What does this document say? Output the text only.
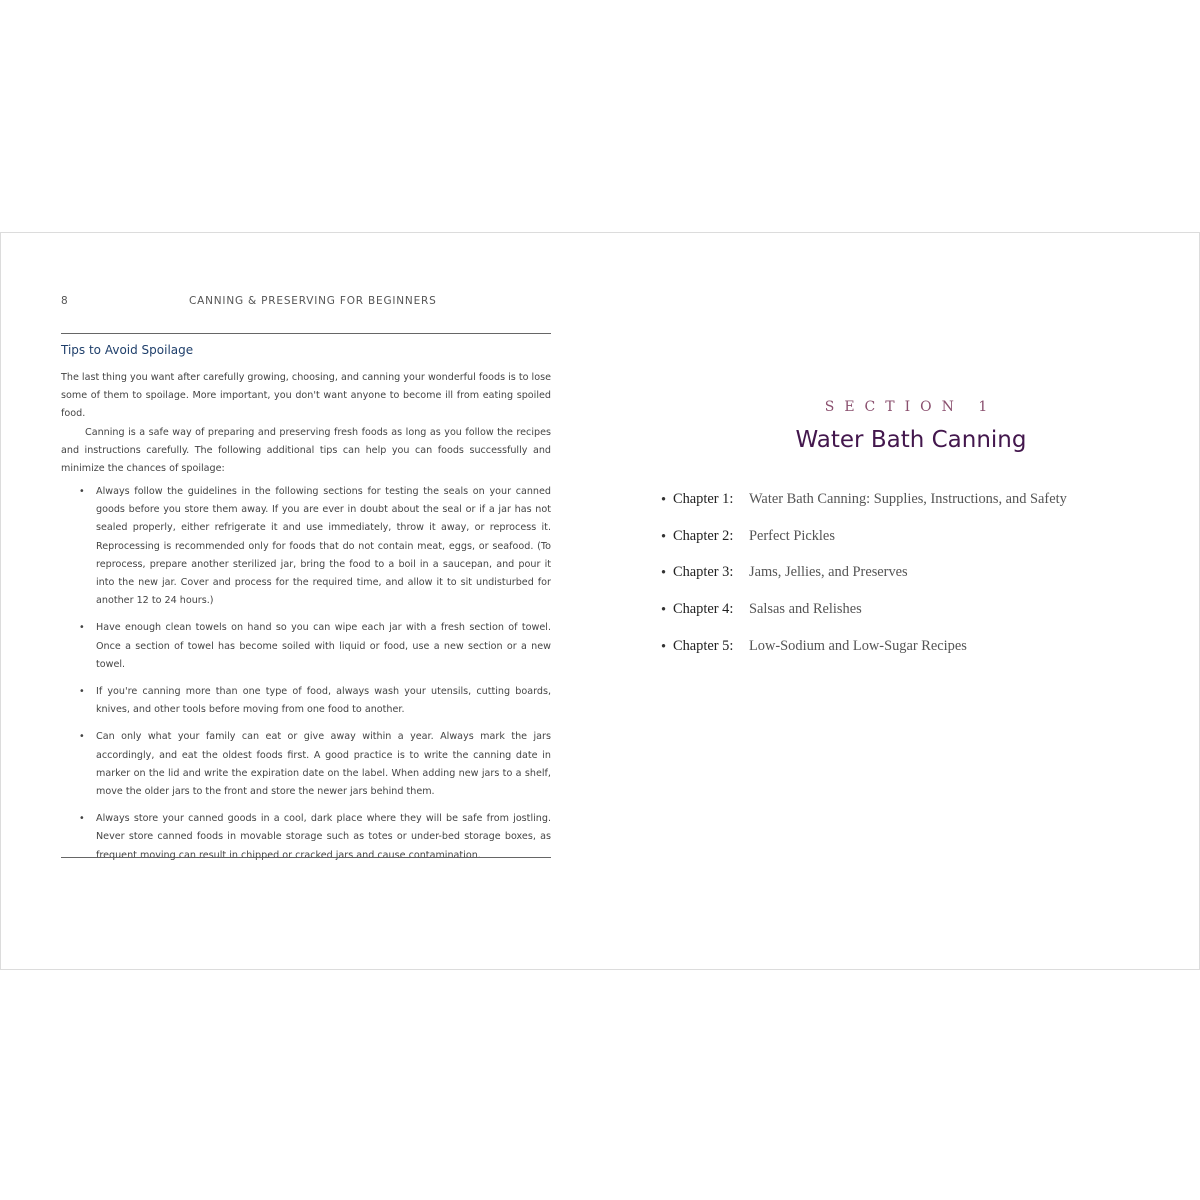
8	CANNING & PRESERVING FOR BEGINNERS
Tips to Avoid Spoilage

The last thing you want after carefully growing, choosing, and canning your wonderful foods is to lose some of them to spoilage. More important, you don't want anyone to become ill from eating spoiled food.

Canning is a safe way of preparing and preserving fresh foods as long as you follow the recipes and instructions carefully. The following additional tips can help you can foods successfully and minimize the chances of spoilage:

• Always follow the guidelines in the following sections for testing the seals on your canned goods before you store them away. If you are ever in doubt about the seal or if a jar has not sealed properly, either refrigerate it and use immediately, throw it away, or reprocess it. Reprocessing is recommended only for foods that do not contain meat, eggs, or seafood. (To reprocess, prepare another sterilized jar, bring the food to a boil in a saucepan, and pour it into the new jar. Cover and process for the required time, and allow it to sit undisturbed for another 12 to 24 hours.)
• Have enough clean towels on hand so you can wipe each jar with a fresh section of towel. Once a section of towel has become soiled with liquid or food, use a new section or a new towel.
• If you're canning more than one type of food, always wash your utensils, cutting boards, knives, and other tools before moving from one food to another.
• Can only what your family can eat or give away within a year. Always mark the jars accordingly, and eat the oldest foods first. A good practice is to write the canning date in marker on the lid and write the expiration date on the label. When adding new jars to a shelf, move the older jars to the front and store the newer jars behind them.
• Always store your canned goods in a cool, dark place where they will be safe from jostling. Never store canned foods in movable storage such as totes or under-bed storage boxes, as frequent moving can result in chipped or cracked jars and cause contamination.
SECTION 1
Water Bath Canning
• Chapter 1: Water Bath Canning: Supplies, Instructions, and Safety
• Chapter 2: Perfect Pickles
• Chapter 3: Jams, Jellies, and Preserves
• Chapter 4: Salsas and Relishes
• Chapter 5: Low-Sodium and Low-Sugar Recipes
